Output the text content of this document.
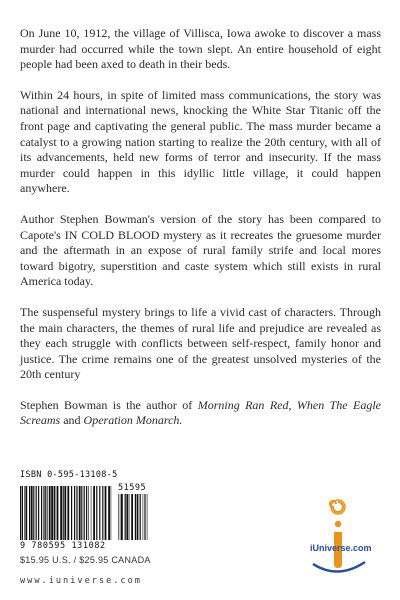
On June 10, 1912, the village of Villisca, Iowa awoke to discover a mass murder had occurred while the town slept. An entire household of eight people had been axed to death in their beds.

Within 24 hours, in spite of limited mass communications, the story was national and international news, knocking the White Star Titanic off the front page and captivating the general public. The mass murder became a catalyst to a growing nation starting to realize the 20th century, with all of its advancements, held new forms of terror and insecurity. If the mass murder could happen in this idyllic little village, it could happen anywhere.

Author Stephen Bowman's version of the story has been compared to Capote's IN COLD BLOOD mystery as it recreates the gruesome murder and the aftermath in an expose of rural family strife and local mores toward bigotry, superstition and caste system which still exists in rural America today.

The suspenseful mystery brings to life a vivid cast of characters. Through the main characters, the themes of rural life and prejudice are revealed as they each struggle with conflicts between self-respect, family honor and justice. The crime remains one of the greatest unsolved mysteries of the 20th century

Stephen Bowman is the author of Morning Ran Red, When The Eagle Screams and Operation Monarch.

ISBN 0-595-13108-5
51595
9 780595 131082
$15.95 U.S. / $25.95 CANADA
www.iuniverse.com
iUniverse.com
